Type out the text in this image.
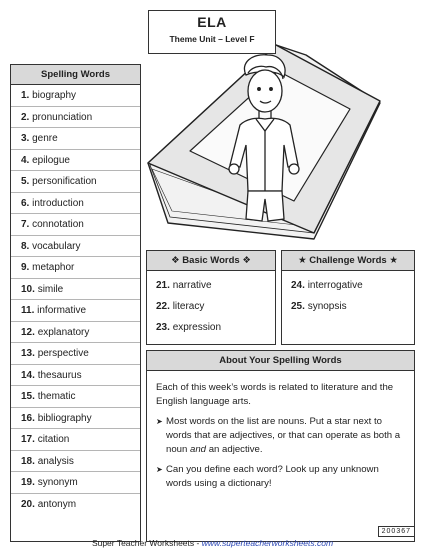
ELA
Theme Unit – Level F
Spelling Words
1. biography
2. pronunciation
3. genre
4. epilogue
5. personification
6. introduction
7. connotation
8. vocabulary
9. metaphor
10. simile
11. informative
12. explanatory
13. perspective
14. thesaurus
15. thematic
16. bibliography
17. citation
18. analysis
19. synonym
20. antonym
❖ Basic Words ❖
21. narrative
22. literacy
23. expression
★ Challenge Words ★
24. interrogative
25. synopsis
About Your Spelling Words
Each of this week’s words is related to literature and the English language arts.
➤ Most words on the list are nouns. Put a star next to words that are adjectives, or that can operate as both a noun and an adjective.
➤ Can you define each word? Look up any unknown words using a dictionary!
200367
Super Teacher Worksheets - www.superteacherworksheets.com
